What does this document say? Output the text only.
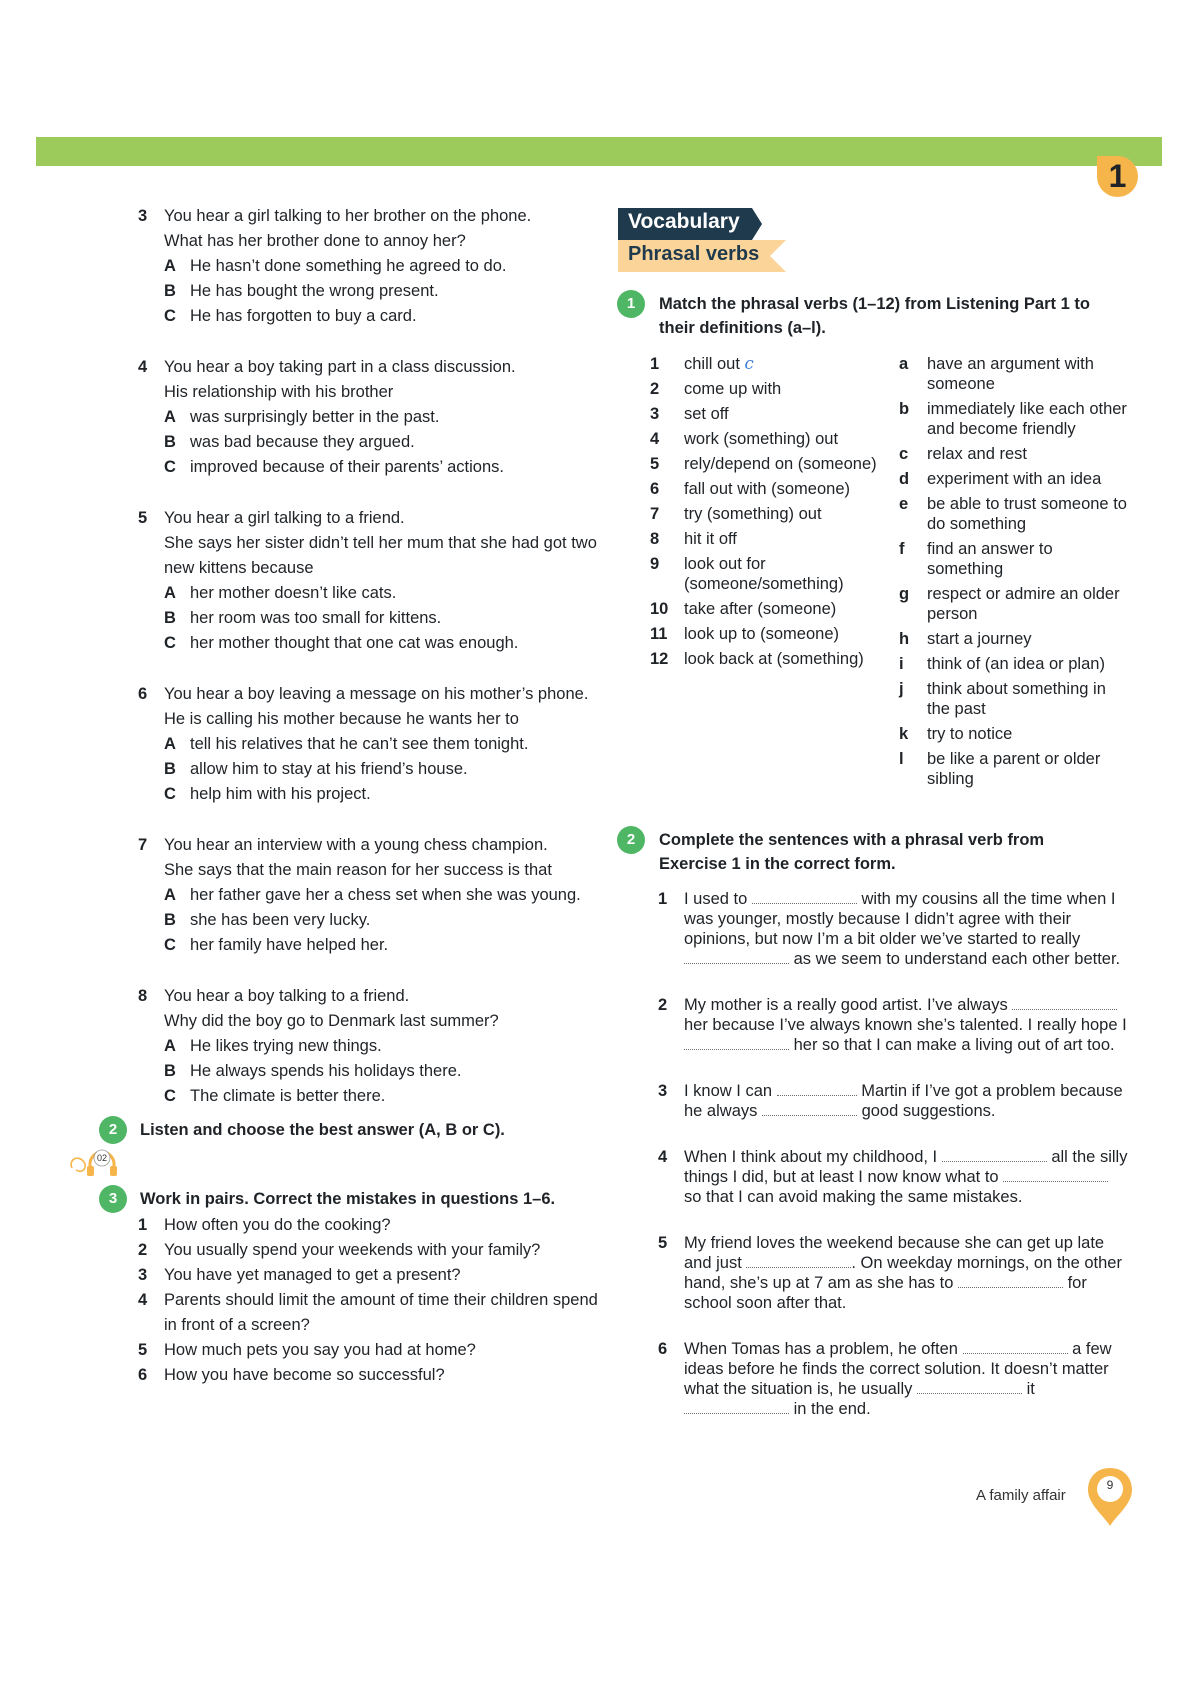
1
3 You hear a girl talking to her brother on the phone.
What has her brother done to annoy her?
A He hasn’t done something he agreed to do.
B He has bought the wrong present.
C He has forgotten to buy a card.
4 You hear a boy taking part in a class discussion.
His relationship with his brother
A was surprisingly better in the past.
B was bad because they argued.
C improved because of their parents’ actions.
5 You hear a girl talking to a friend.
She says her sister didn’t tell her mum that she had got two new kittens because
A her mother doesn’t like cats.
B her room was too small for kittens.
C her mother thought that one cat was enough.
6 You hear a boy leaving a message on his mother’s phone.
He is calling his mother because he wants her to
A tell his relatives that he can’t see them tonight.
B allow him to stay at his friend’s house.
C help him with his project.
7 You hear an interview with a young chess champion.
She says that the main reason for her success is that
A her father gave her a chess set when she was young.
B she has been very lucky.
C her family have helped her.
8 You hear a boy talking to a friend.
Why did the boy go to Denmark last summer?
A He likes trying new things.
B He always spends his holidays there.
C The climate is better there.
2	Listen and choose the best answer (A, B or C).
02
3	Work in pairs. Correct the mistakes in questions 1–6.
1 How often you do the cooking?
2 You usually spend your weekends with your family?
3 You have yet managed to get a present?
4 Parents should limit the amount of time their children spend in front of a screen?
5 How much pets you say you had at home?
6 How you have become so successful?
Vocabulary
Phrasal verbs
1	Match the phrasal verbs (1–12) from Listening Part 1 to
their definitions (a–l).
1 chill out c
2 come up with
3 set off
4 work (something) out
5 rely/depend on (someone)
6 fall out with (someone)
7 try (something) out
8 hit it off
9 look out for (someone/something)
10 take after (someone)
11 look up to (someone)
12 look back at (something)
a have an argument with someone
b immediately like each other and become friendly
c relax and rest
d experiment with an idea
e be able to trust someone to do something
f find an answer to something
g respect or admire an older person
h start a journey
i think of (an idea or plan)
j think about something in the past
k try to notice
l be like a parent or older sibling
2	Complete the sentences with a phrasal verb from
Exercise 1 in the correct form.
1 I used to	with my cousins all the time when I was younger, mostly because I didn’t agree with their opinions, but now I’m a bit older we’ve started to really  as we seem to understand each other better.
2 My mother is a really good artist. I’ve always  her because I’ve always known she’s talented. I really hope I  her so that I can make a living out of art too.
3 I know I can	Martin if I’ve got a problem because he always	good suggestions.
4 When I think about my childhood, I	all the silly things I did, but at least I now know what to  so that I can avoid making the same mistakes.
5 My friend loves the weekend because she can get up late and just	. On weekday mornings, on the other hand, she’s up at 7 am as she has to	for school soon after that.
6 When Tomas has a problem, he often	a few ideas before he finds the correct solution. It doesn’t matter what the situation is, he usually	it  in the end.
A family affair
9
